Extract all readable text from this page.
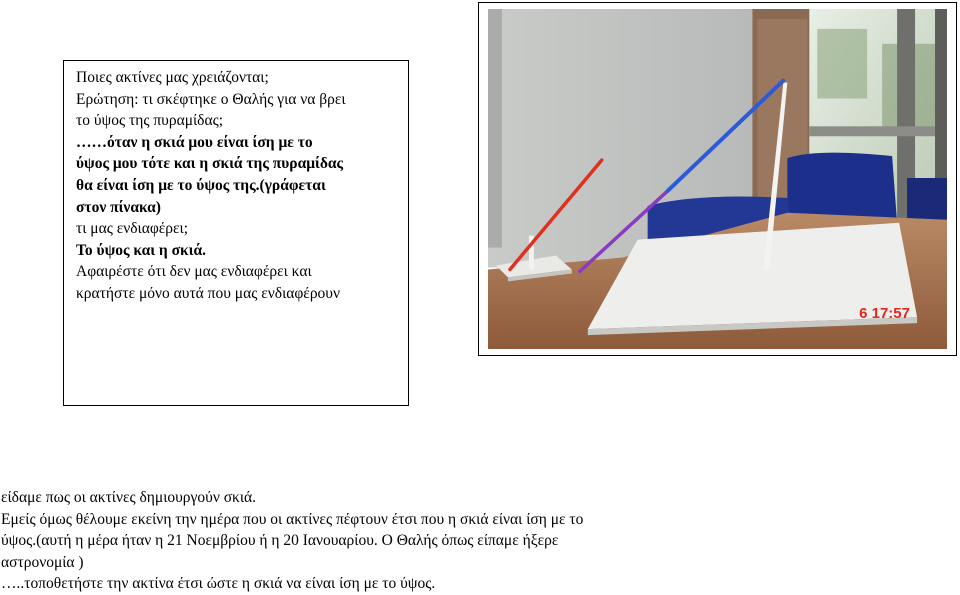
Ποιες ακτίνες μας χρειάζονται;

Ερώτηση: τι σκέφτηκε ο Θαλής για να βρει

το ύψος της πυραμίδας;

……όταν η σκιά μου είναι ίση με το

ύψος μου τότε και η σκιά της πυραμίδας

θα είναι ίση με το ύψος της.(γράφεται

στον πίνακα)

τι μας ενδιαφέρει;

Το ύψος και η σκιά.

Αφαιρέστε ότι δεν μας ενδιαφέρει και

κρατήστε μόνο αυτά που μας ενδιαφέρουν

6 17:57

είδαμε πως οι ακτίνες δημιουργούν σκιά.

Εμείς όμως θέλουμε εκείνη την ημέρα που οι ακτίνες πέφτουν έτσι που η σκιά είναι ίση με το

ύψος.(αυτή η μέρα ήταν η 21 Νοεμβρίου ή η 20 Ιανουαρίου. Ο Θαλής όπως είπαμε ήξερε

αστρονομία )

…..τοποθετήστε την ακτίνα έτσι ώστε η σκιά να είναι ίση με το ύψος.
